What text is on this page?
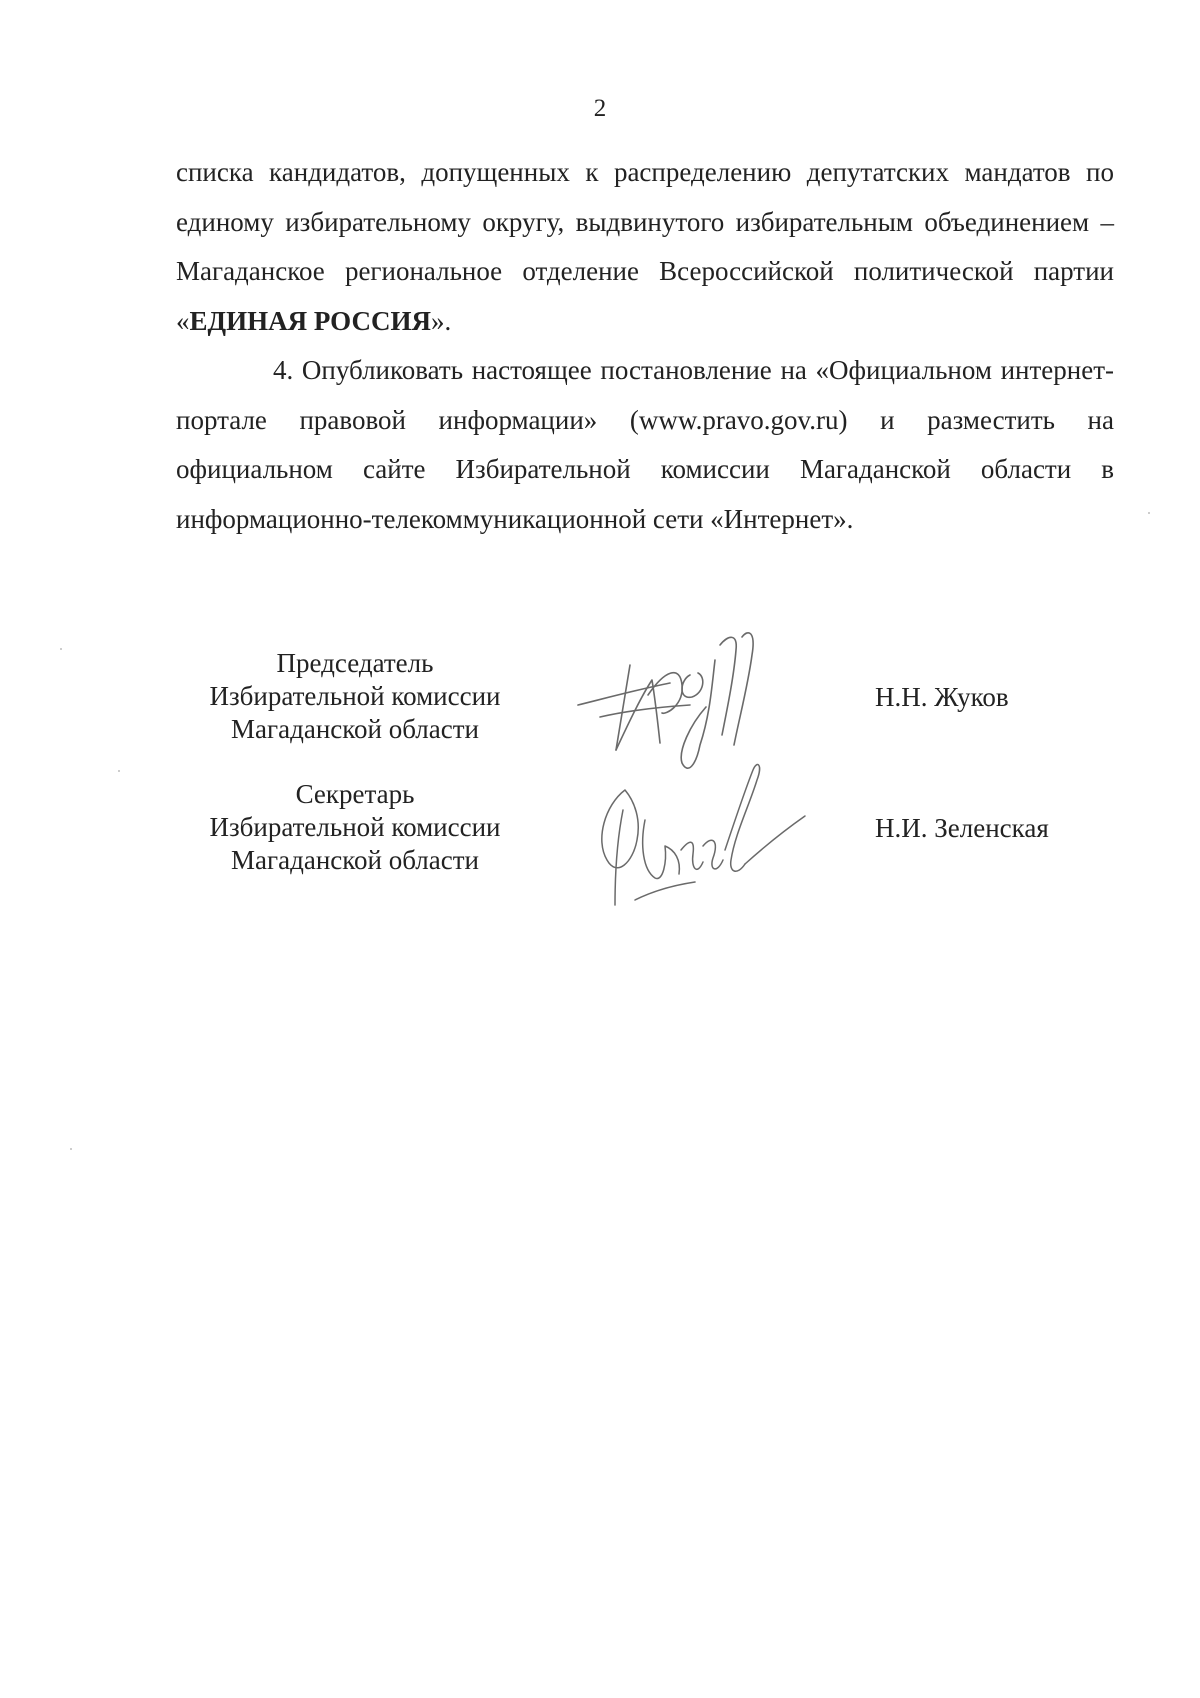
2

списка кандидатов, допущенных к распределению депутатских мандатов по единому избирательному округу, выдвинутого избирательным объединением – Магаданское региональное отделение Всероссийской политической партии «ЕДИНАЯ РОССИЯ».

4. Опубликовать настоящее постановление на «Официальном интернет-портале правовой информации» (www.pravo.gov.ru) и разместить на официальном сайте Избирательной комиссии Магаданской области в информационно-телекоммуникационной сети «Интернет».

Председатель
Избирательной комиссии
Магаданской области
Н.Н. Жуков
Секретарь
Избирательной комиссии
Магаданской области
Н.И. Зеленская
